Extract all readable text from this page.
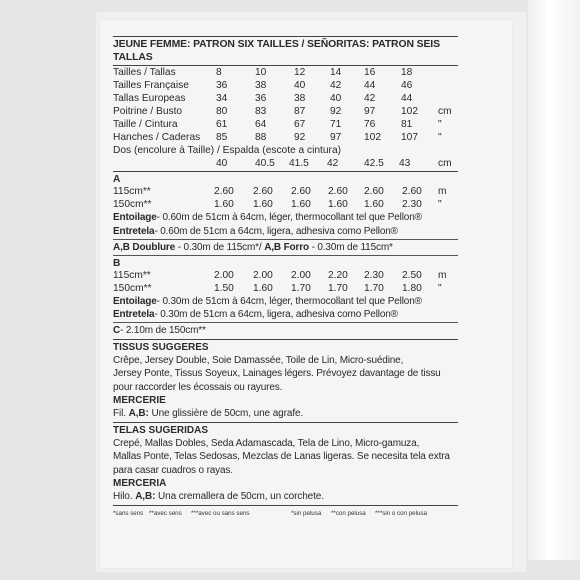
JEUNE FEMME: PATRON SIX TAILLES / SEÑORITAS: PATRON SEIS TALLAS
Tailles / Tallas	8	10	12 14 16	18
Tailles Française	36	38	40 42 44	46
Tallas Europeas	34	36	38 40 42	44
Poitrine / Busto	80	83	87 92 97	102 cm
Taille / Cintura	61	64	67 71 76	81	"
Hanches / Caderas 85	88	92 97 102 107 "
Dos (encolure à Taille) / Espalda (escote a cintura)
40	40.5 41.5 42	42.5 43	cm
A
115cm**	2.60 2.60 2.60 2.60 2.60 2.60 m
150cm**	1.60 1.60 1.60 1.60 1.60 2.30 "
Entoilage- 0.60m de 51cm à 64cm, léger, thermocollant tel que Pellon®
Entretela- 0.60m de 51cm a 64cm, ligera, adhesiva como Pellon®
A,B Doublure - 0.30m de 115cm*/ A,B Forro - 0.30m de 115cm*
B
115cm**	2.00 2.00 2.00 2.20 2.30 2.50 m
150cm**	1.50 1.60 1.70 1.70 1.70 1.80 "
Entoilage- 0.30m de 51cm à 64cm, léger, thermocollant tel que Pellon®
Entretela- 0.30m de 51cm a 64cm, ligera, adhesiva como Pellon®
C- 2.10m de 150cm**
TISSUS SUGGERES
Crêpe, Jersey Double, Soie Damassée, Toile de Lin, Micro-suédine,
Jersey Ponte, Tissus Soyeux, Lainages légers. Prévoyez davantage de tissu
pour raccorder les écossais ou rayures.
MERCERIE
Fil. A,B: Une glissière de 50cm, une agrafe.
TELAS SUGERIDAS
Crepé, Mallas Dobles, Seda Adamascada, Tela de Lino, Micro-gamuza,
Mallas Ponte, Telas Sedosas, Mezclas de Lanas ligeras. Se necesita tela extra
para casar cuadros o rayas.
MERCERIA
Hilo. A,B: Una cremallera de 50cm, un corchete.
*sans sens **avec sens ***avec ou sans sens	*sin pelusa **con pelusa ***sin o con pelusa
